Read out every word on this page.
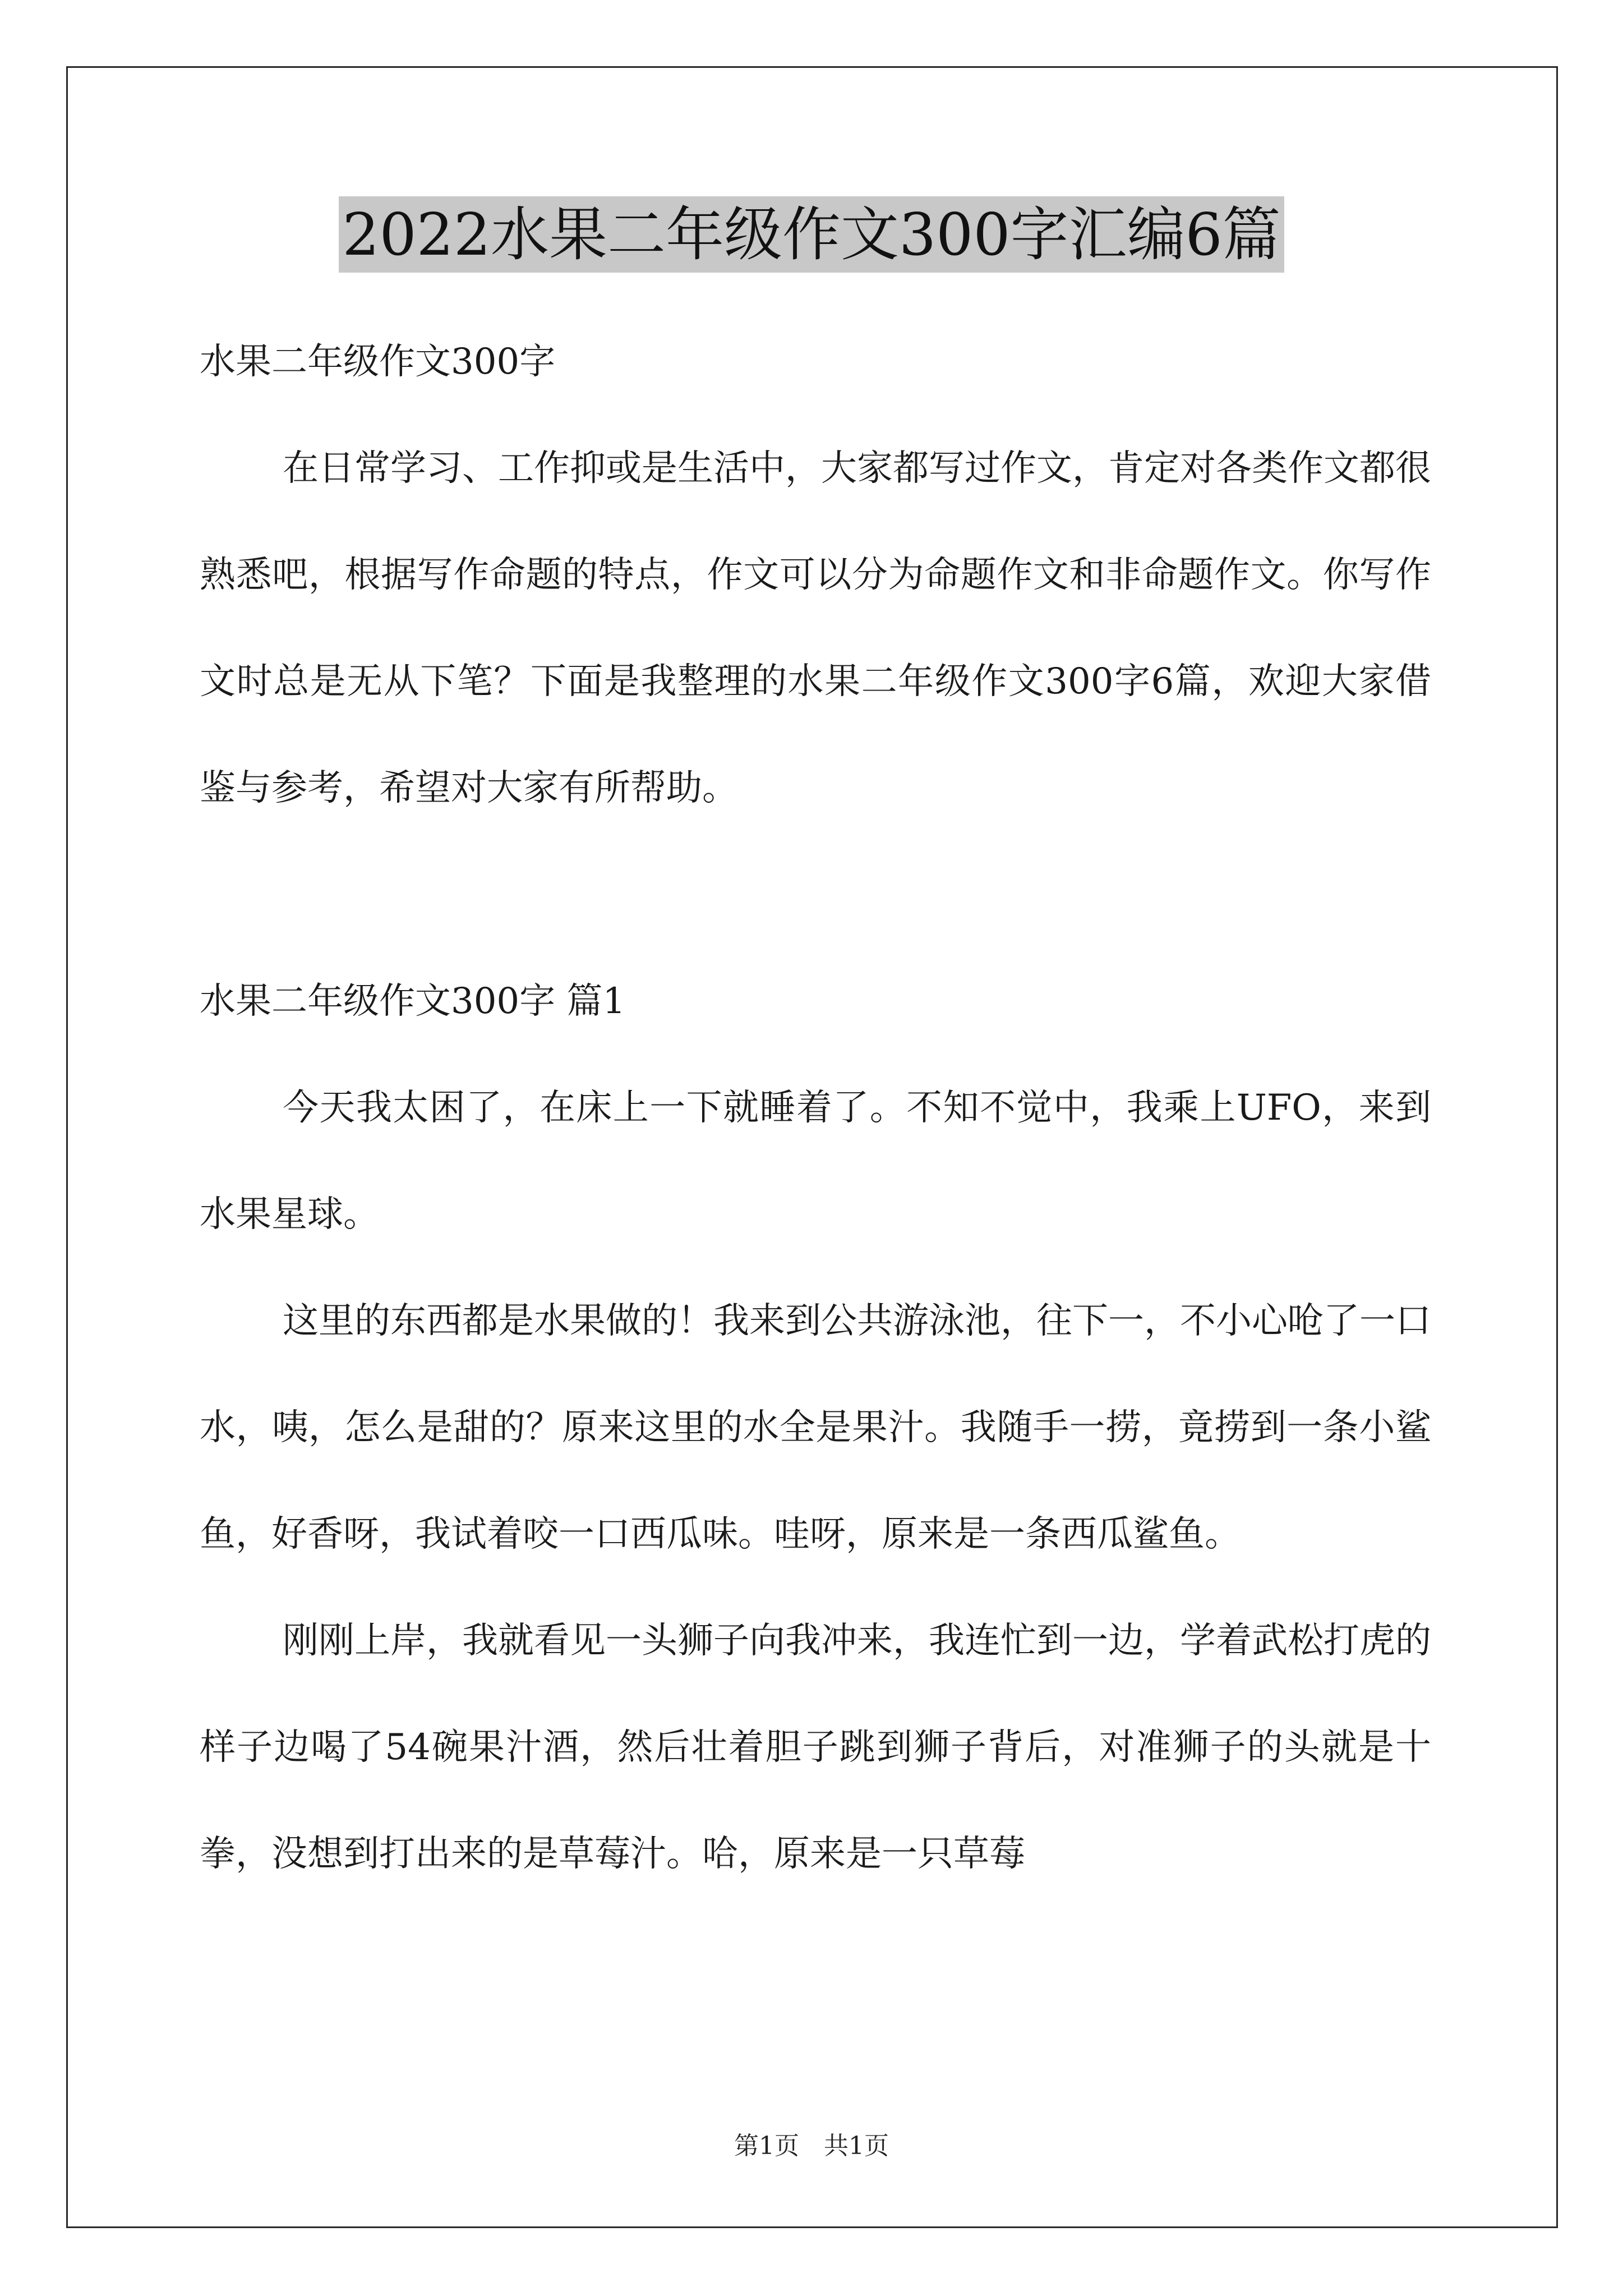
2022水果二年级作文300字汇编6篇

水果二年级作文300字

在日常学习、工作抑或是生活中，大家都写过作文，肯定对各类作文都很熟悉吧，根据写作命题的特点，作文可以分为命题作文和非命题作文。你写作文时总是无从下笔？下面是我整理的水果二年级作文300字6篇，欢迎大家借鉴与参考，希望对大家有所帮助。

水果二年级作文300字 篇1

今天我太困了，在床上一下就睡着了。不知不觉中，我乘上UFO，来到水果星球。

这里的东西都是水果做的！我来到公共游泳池，往下一，不小心呛了一口水，咦，怎么是甜的？原来这里的水全是果汁。我随手一捞，竟捞到一条小鲨鱼，好香呀，我试着咬一口西瓜味。哇呀，原来是一条西瓜鲨鱼。

刚刚上岸，我就看见一头狮子向我冲来，我连忙到一边，学着武松打虎的样子边喝了54碗果汁酒，然后壮着胆子跳到狮子背后，对准狮子的头就是十拳，没想到打出来的是草莓汁。哈，原来是一只草莓

第1页 共1页
